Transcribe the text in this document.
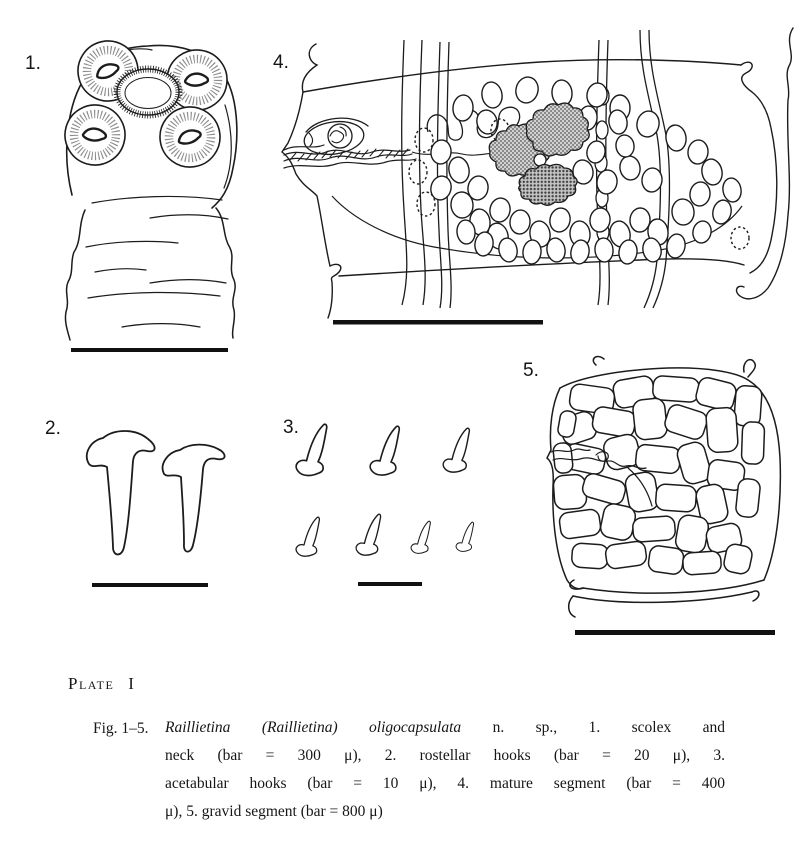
1.	4.
2.	3.
5.
Plate I
Fig. 1–5. Raillietina (Raillietina) oligocapsulata n. sp., 1. scolex and
neck (bar = 300 μ), 2. rostellar hooks (bar = 20 μ), 3.
acetabular hooks (bar = 10 μ), 4. mature segment (bar = 400
μ), 5. gravid segment (bar = 800 μ)
